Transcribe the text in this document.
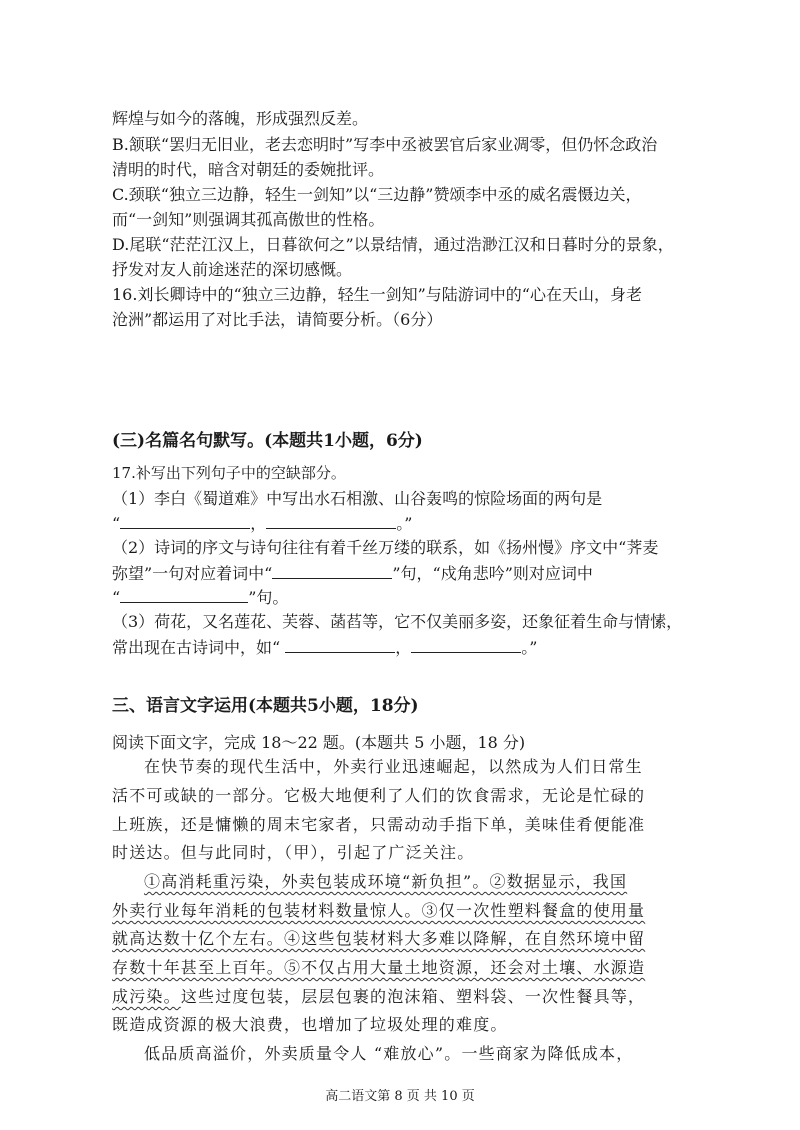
辉煌与如今的落魄，形成强烈反差。
B.颔联“罢归无旧业，老去恋明时”写李中丞被罢官后家业凋零，但仍怀念政治
清明的时代，暗含对朝廷的委婉批评。
C.颈联“独立三边静，轻生一剑知”以“三边静”赞颂李中丞的威名震慑边关，
而“一剑知”则强调其孤高傲世的性格。
D.尾联“茫茫江汉上，日暮欲何之”以景结情，通过浩渺江汉和日暮时分的景象，
抒发对友人前途迷茫的深切感慨。
16.刘长卿诗中的“独立三边静，轻生一剑知”与陆游词中的“心在天山，身老
沧洲”都运用了对比手法，请简要分析。（6分）
(三)名篇名句默写。(本题共1小题，6分)
17.补写出下列句子中的空缺部分。
（1）李白《蜀道难》中写出水石相激、山谷轰鸣的惊险场面的两句是
“	，	。”
（2）诗词的序文与诗句往往有着千丝万缕的联系，如《扬州慢》序文中“荠麦
弥望”一句对应着词中“	”句，“戍角悲吟”则对应词中
“	”句。
（3）荷花，又名莲花、芙蓉、菡萏等，它不仅美丽多姿，还象征着生命与情愫，
常出现在古诗词中，如“	，	。”
三、语言文字运用(本题共5小题，18分)
阅读下面文字，完成 18～22 题。(本题共 5 小题，18 分)
在快节奏的现代生活中，外卖行业迅速崛起，以然成为人们日常生
活不可或缺的一部分。它极大地便利了人们的饮食需求，无论是忙碌的
上班族，还是慵懒的周末宅家者，只需动动手指下单，美味佳肴便能准
时送达。但与此同时，（甲），引起了广泛关注。
①高消耗重污染，外卖包装成环境“新负担”。②数据显示，我国
外卖行业每年消耗的包装材料数量惊人。③仅一次性塑料餐盒的使用量
就高达数十亿个左右。④这些包装材料大多难以降解，在自然环境中留
存数十年甚至上百年。⑤不仅占用大量土地资源，还会对土壤、水源造
成污染。这些过度包装，层层包裹的泡沫箱、塑料袋、一次性餐具等，
既造成资源的极大浪费，也增加了垃圾处理的难度。
低品质高溢价，外卖质量令人 “难放心”。一些商家为降低成本，
高二语文第 8 页 共 10 页
